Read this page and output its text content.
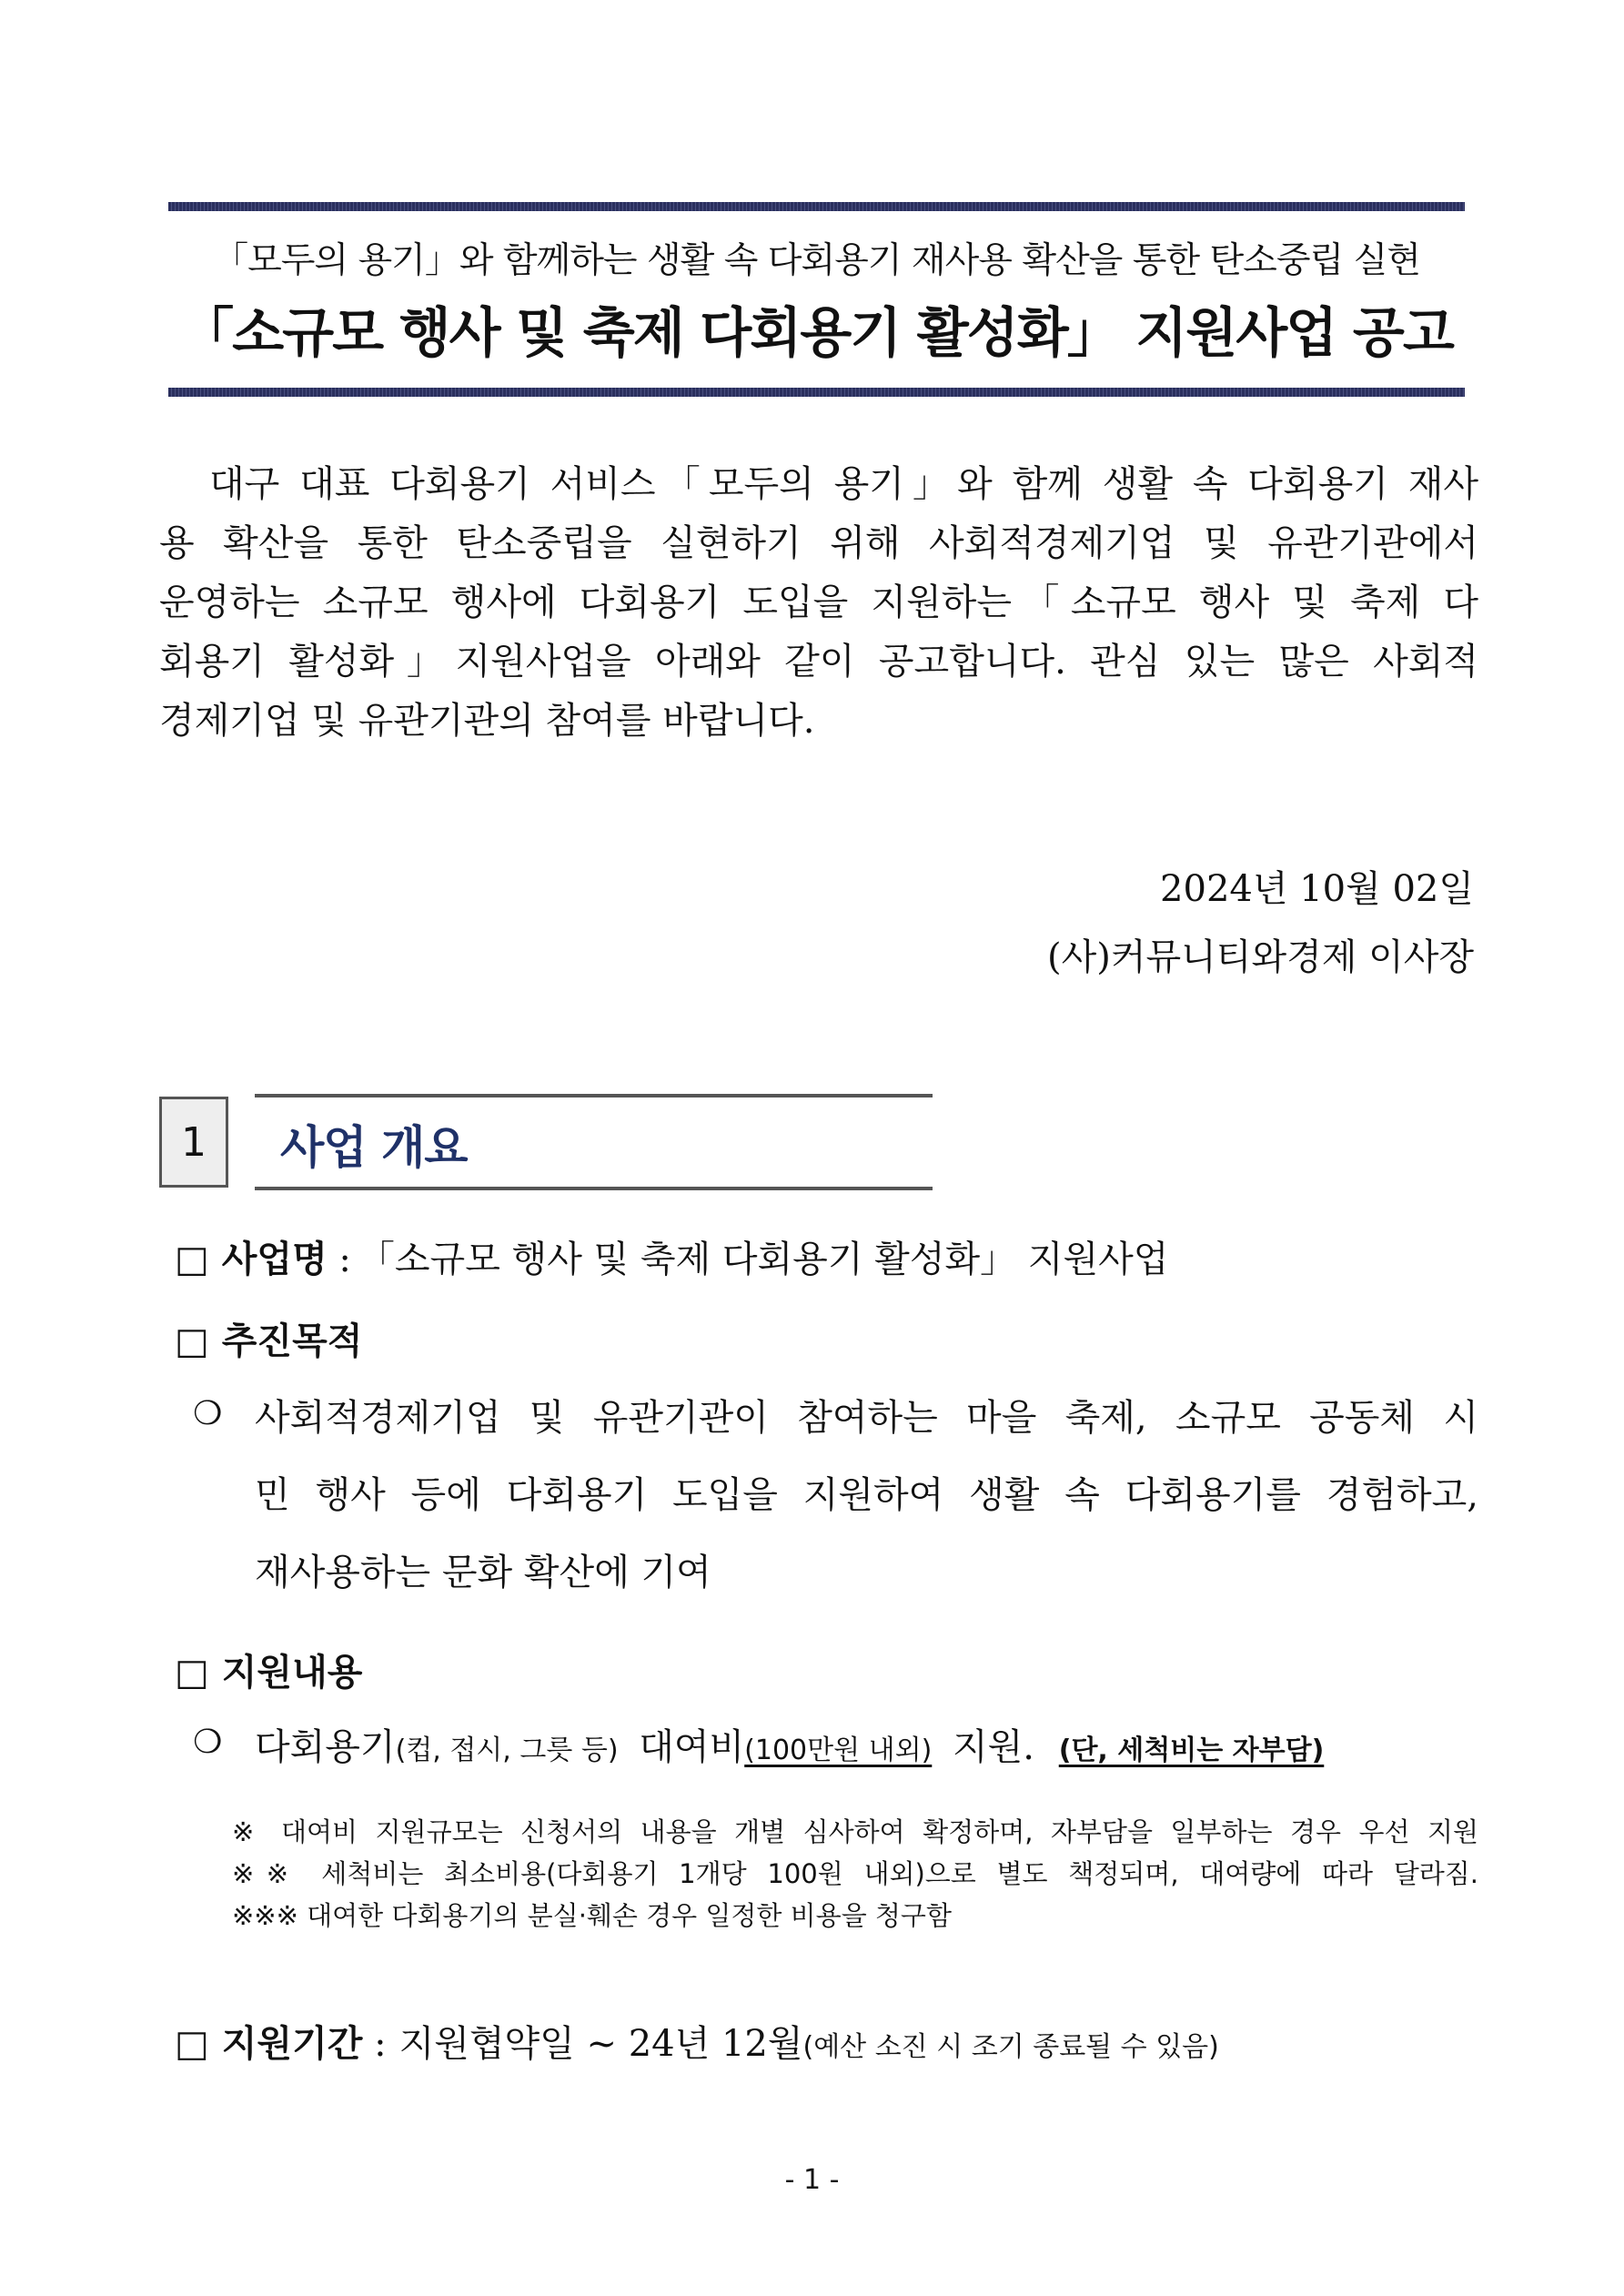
「모두의 용기」와 함께하는 생활 속 다회용기 재사용 확산을 통한 탄소중립 실현
「소규모 행사 및 축제 다회용기 활성화」 지원사업 공고
대구 대표 다회용기 서비스「모두의 용기」와 함께 생활 속 다회용기 재사
용 확산을 통한 탄소중립을 실현하기 위해 사회적경제기업 및 유관기관에서
운영하는 소규모 행사에 다회용기 도입을 지원하는「소규모 행사 및 축제 다
회용기 활성화」지원사업을 아래와 같이 공고합니다. 관심 있는 많은 사회적
경제기업 및 유관기관의 참여를 바랍니다.
2024년 10월 02일
(사)커뮤니티와경제 이사장
1	사업 개요
□ 사업명 : 「소규모 행사 및 축제 다회용기 활성화」 지원사업
□ 추진목적
❍ 사회적경제기업 및 유관기관이 참여하는 마을 축제, 소규모 공동체 시
민 행사 등에 다회용기 도입을 지원하여 생활 속 다회용기를 경험하고,
재사용하는 문화 확산에 기여
□ 지원내용
❍ 다회용기(컵, 접시, 그릇 등) 대여비(100만원 내외) 지원. (단, 세척비는 자부담)
※ 대여비 지원규모는 신청서의 내용을 개별 심사하여 확정하며, 자부담을 일부하는 경우 우선 지원
※※ 세척비는 최소비용(다회용기 1개당 100원 내외)으로 별도 책정되며, 대여량에 따라 달라짐.
※※※ 대여한 다회용기의 분실·훼손 경우 일정한 비용을 청구함
□ 지원기간 : 지원협약일 ~ 24년 12월(예산 소진 시 조기 종료될 수 있음)
- 1 -
